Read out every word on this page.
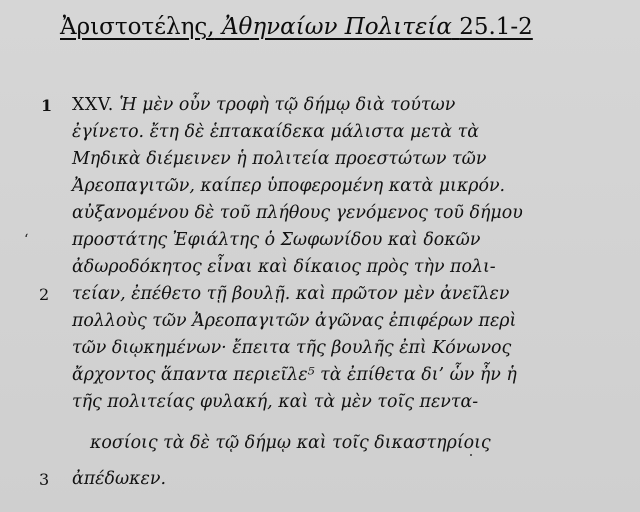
Ἀριστοτέλης, Ἀθηναίων Πολιτεία 25.1-2
1 XXV. Ἡ μὲν οὖν τροφὴ τῷ δήμῳ διὰ τούτων
ἐγίνετο. ἔτη δὲ ἑπτακαίδεκα μάλιστα μετὰ τὰ
Μηδικὰ διέμεινεν ἡ πολιτεία προεστώτων τῶν
Ἀρεοπαγιτῶν, καίπερ ὑποφερομένη κατὰ μικρόν.
αὐξανομένου δὲ τοῦ πλήθους γενόμενος τοῦ δήμου
‘	προστάτης Ἐφιάλτης ὁ Σωφωνίδου καὶ δοκῶν
ἀδωροδόκητος εἶναι καὶ δίκαιος πρὸς τὴν πολι-
2 τείαν, ἐπέθετο τῇ βουλῇ. καὶ πρῶτον μὲν ἀνεῖλεν
πολλοὺς τῶν Ἀρεοπαγιτῶν ἀγῶνας ἐπιφέρων περὶ
τῶν διῳκημένων· ἔπειτα τῆς βουλῆς ἐπὶ Κόνωνος
ἄρχοντος ἅπαντα περιεῖλε⁵ τὰ ἐπίθετα δι’ ὧν ἦν ἡ
τῆς πολιτείας φυλακή, καὶ τὰ μὲν τοῖς πεντα-
κοσίοις τὰ δὲ τῷ δήμῳ καὶ τοῖς δικαστηρίοις
3 ἀπέδωκεν.
